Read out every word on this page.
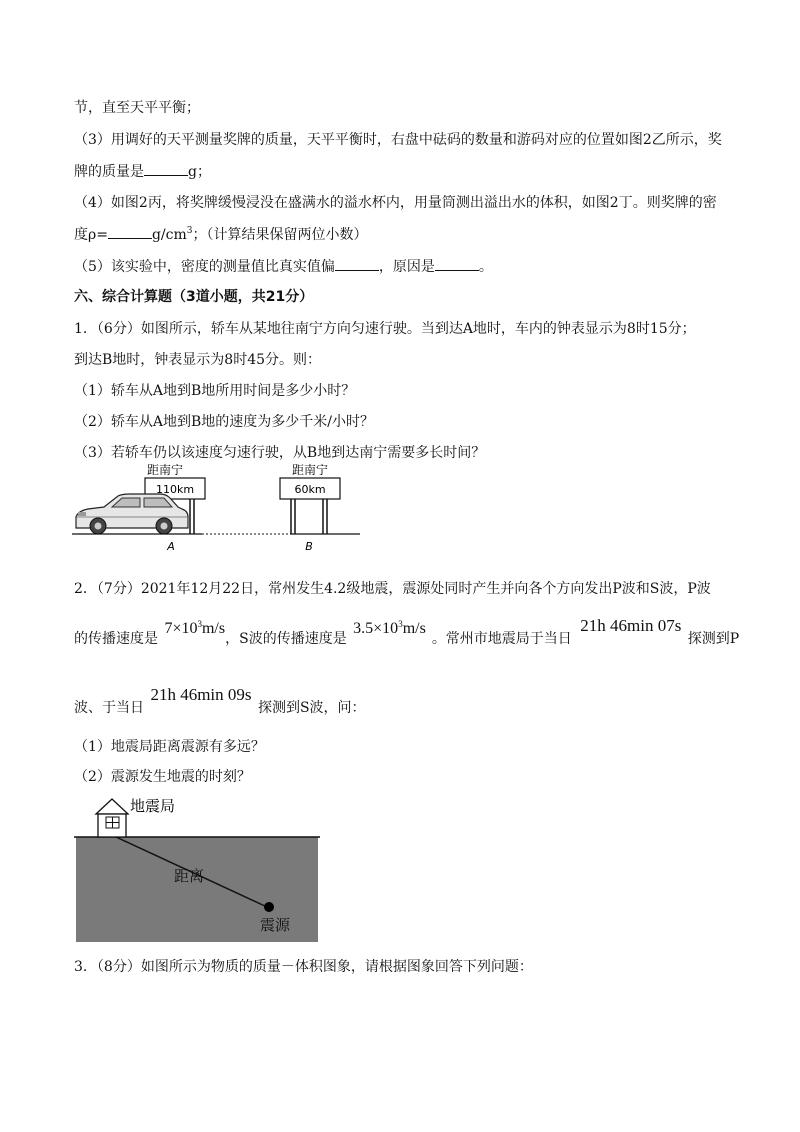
节，直至天平平衡；
（3）用调好的天平测量奖牌的质量，天平平衡时，右盘中砝码的数量和游码对应的位置如图2乙所示，奖
牌的质量是	g；
（4）如图2丙，将奖牌缓慢浸没在盛满水的溢水杯内，用量筒测出溢出水的体积，如图2丁。则奖牌的密
度ρ=	$g/cm^3$；（计算结果保留两位小数）
（5）该实验中，密度的测量值比真实值偏	，原因是	。
六、综合计算题（3道小题，共21分）
1．（6分）如图所示，轿车从某地往南宁方向匀速行驶。当到达A地时，车内的钟表显示为8时15分；
到达B地时，钟表显示为8时45分。则：
（1）轿车从A地到B地所用时间是多少小时？
（2）轿车从A地到B地的速度为多少千米/小时？
（3）若轿车仍以该速度匀速行驶，从B地到达南宁需要多长时间？
距南宁
110km
距南宁
60km
A	B
2．（7分）2021年12月22日，常州发生4.2级地震，震源处同时产生并向各个方向发出P波和S波，P波
的传播速度是 $7\times 10^3m/s$，S波的传播速度是 $3.5\times 10^3m/s$。常州市地震局于当日 21h 46min 07s 探测到P
波、于当日 21h 46min 09s 探测到S波，问：
（1）地震局距离震源有多远？
（2）震源发生地震的时刻？
地震局
距离
震源
3．（8分）如图所示为物质的质量－体积图象，请根据图象回答下列问题：
